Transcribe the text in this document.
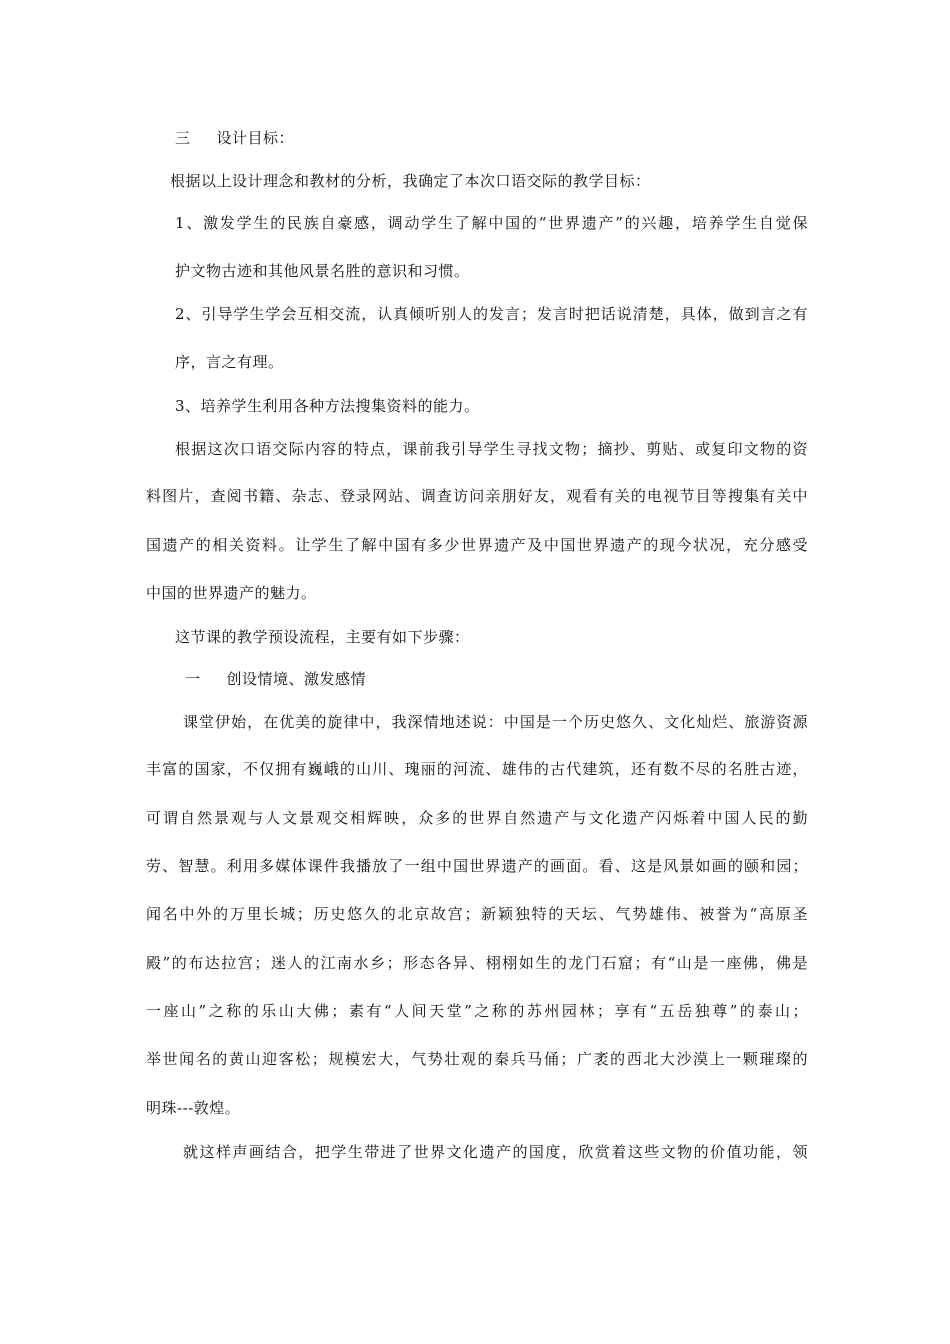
三 设计目标：
根据以上设计理念和教材的分析，我确定了本次口语交际的教学目标：
1、激发学生的民族自豪感，调动学生了解中国的“世界遗产”的兴趣，培养学生自觉保
护文物古迹和其他风景名胜的意识和习惯。
2、引导学生学会互相交流，认真倾听别人的发言；发言时把话说清楚，具体，做到言之有
序，言之有理。
3、培养学生利用各种方法搜集资料的能力。
根据这次口语交际内容的特点，课前我引导学生寻找文物；摘抄、剪贴、或复印文物的资
料图片，查阅书籍、杂志、登录网站、调查访问亲朋好友，观看有关的电视节目等搜集有关中
国遗产的相关资料。让学生了解中国有多少世界遗产及中国世界遗产的现今状况，充分感受
中国的世界遗产的魅力。
这节课的教学预设流程，主要有如下步骤：
一 创设情境、激发感情
课堂伊始，在优美的旋律中，我深情地述说：中国是一个历史悠久、文化灿烂、旅游资源
丰富的国家，不仅拥有巍峨的山川、瑰丽的河流、雄伟的古代建筑，还有数不尽的名胜古迹，
可谓自然景观与人文景观交相辉映，众多的世界自然遗产与文化遗产闪烁着中国人民的勤
劳、智慧。利用多媒体课件我播放了一组中国世界遗产的画面。看、这是风景如画的颐和园；
闻名中外的万里长城；历史悠久的北京故宫；新颖独特的天坛、气势雄伟、被誉为“高原圣
殿”的布达拉宫；迷人的江南水乡；形态各异、栩栩如生的龙门石窟；有“山是一座佛，佛是
一座山”之称的乐山大佛；素有“人间天堂”之称的苏州园林；享有“五岳独尊”的泰山；
举世闻名的黄山迎客松；规模宏大，气势壮观的秦兵马俑；广袤的西北大沙漠上一颗璀璨的
明珠---敦煌。
就这样声画结合，把学生带进了世界文化遗产的国度，欣赏着这些文物的价值功能，领
